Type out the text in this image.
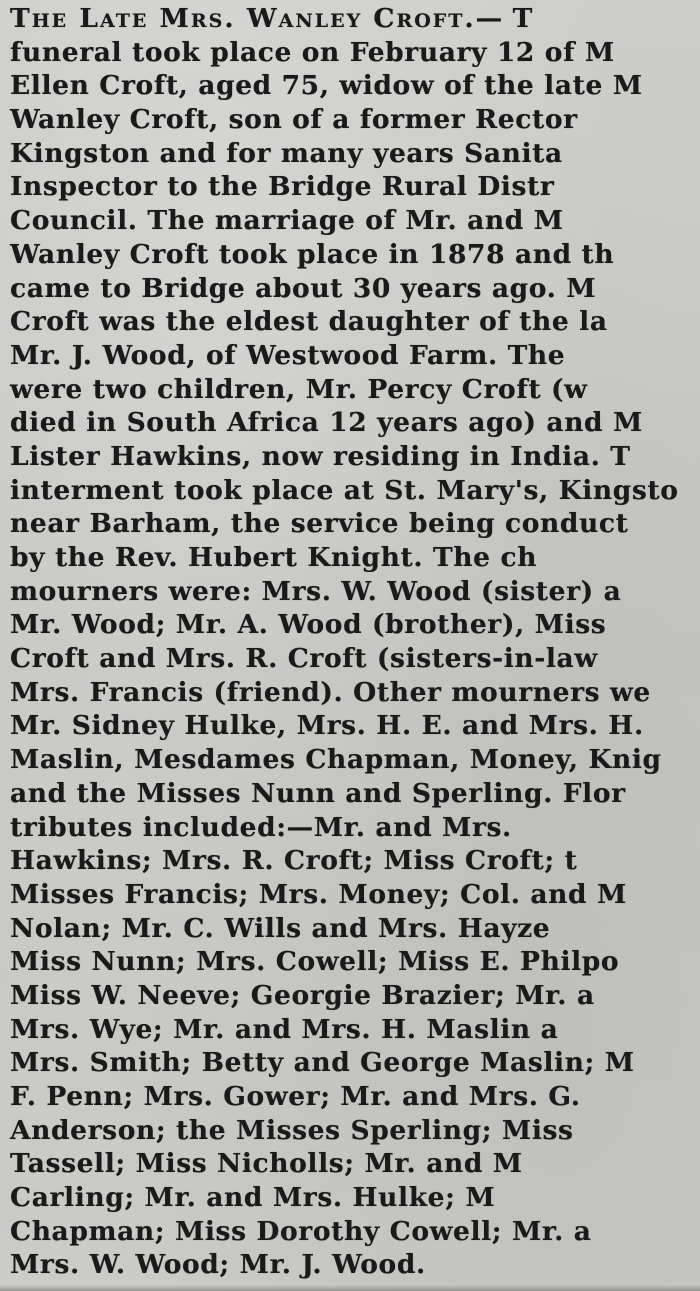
The Late Mrs. Wanley Croft.— T
funeral took place on February 12 of M
Ellen Croft, aged 75, widow of the late M
Wanley Croft, son of a former Rector
Kingston and for many years Sanita
Inspector to the Bridge Rural Distr
Council. The marriage of Mr. and M
Wanley Croft took place in 1878 and th
came to Bridge about 30 years ago. M
Croft was the eldest daughter of the la
Mr. J. Wood, of Westwood Farm. The
were two children, Mr. Percy Croft (w
died in South Africa 12 years ago) and M
Lister Hawkins, now residing in India. T
interment took place at St. Mary's, Kingsto
near Barham, the service being conduct
by the Rev. Hubert Knight. The ch
mourners were: Mrs. W. Wood (sister) a
Mr. Wood; Mr. A. Wood (brother), Miss
Croft and Mrs. R. Croft (sisters-in-law
Mrs. Francis (friend). Other mourners we
Mr. Sidney Hulke, Mrs. H. E. and Mrs. H.
Maslin, Mesdames Chapman, Money, Knig
and the Misses Nunn and Sperling. Flor
tributes included:—Mr. and Mrs.
Hawkins; Mrs. R. Croft; Miss Croft; t
Misses Francis; Mrs. Money; Col. and M
Nolan; Mr. C. Wills and Mrs. Hayze
Miss Nunn; Mrs. Cowell; Miss E. Philpo
Miss W. Neeve; Georgie Brazier; Mr. a
Mrs. Wye; Mr. and Mrs. H. Maslin a
Mrs. Smith; Betty and George Maslin; M
F. Penn; Mrs. Gower; Mr. and Mrs. G.
Anderson; the Misses Sperling; Miss
Tassell; Miss Nicholls; Mr. and M
Carling; Mr. and Mrs. Hulke; M
Chapman; Miss Dorothy Cowell; Mr. a
Mrs. W. Wood; Mr. J. Wood.
